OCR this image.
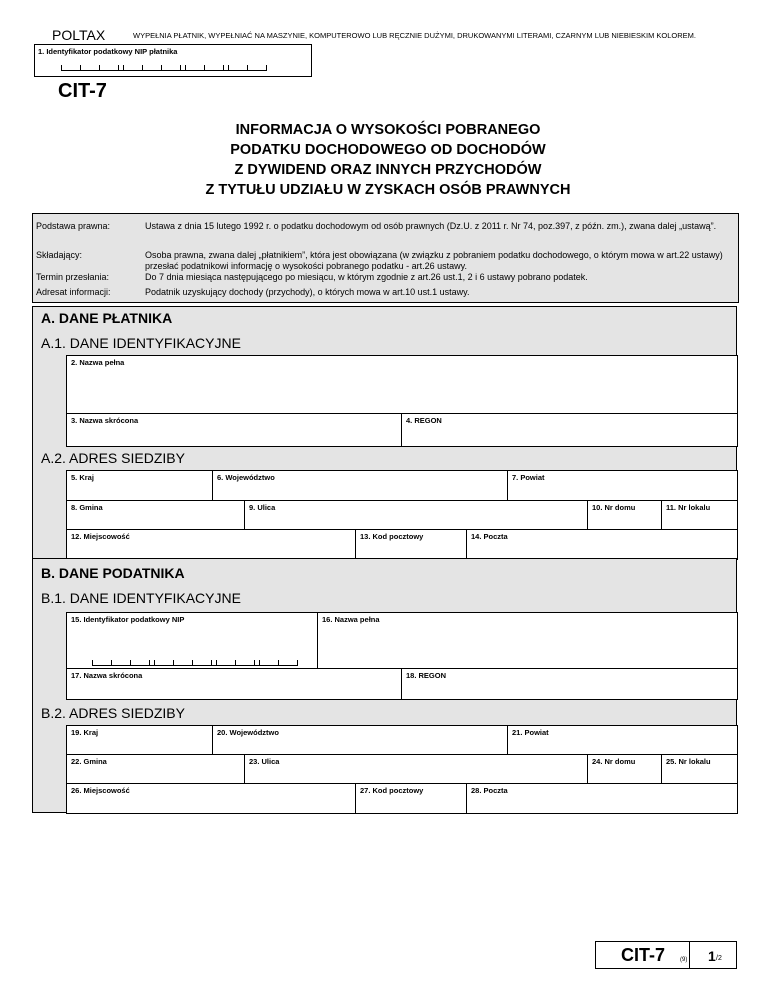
POLTAX	WYPEŁNIA PŁATNIK, WYPEŁNIAĆ NA MASZYNIE, KOMPUTEROWO LUB RĘCZNIE DUŻYMI, DRUKOWANYMI LITERAMI, CZARNYM LUB NIEBIESKIM KOLOREM.
1. Identyfikator podatkowy NIP płatnika
CIT-7
INFORMACJA O WYSOKOŚCI POBRANEGO
PODATKU DOCHODOWEGO OD DOCHODÓW
Z DYWIDEND ORAZ INNYCH PRZYCHODÓW
Z TYTUŁU UDZIAŁU W ZYSKACH OSÓB PRAWNYCH
Podstawa prawna:	Ustawa z dnia 15 lutego 1992 r. o podatku dochodowym od osób prawnych (Dz.U. z 2011 r. Nr 74, poz.397, z późn. zm.), zwana dalej „ustawą”.
Składający:	Osoba prawna, zwana dalej „płatnikiem”, która jest obowiązana (w związku z pobraniem podatku dochodowego, o którym mowa w art.22 ustawy) przesłać podatnikowi informację o wysokości pobranego podatku - art.26 ustawy.
Termin przesłania:	Do 7 dnia miesiąca następującego po miesiącu, w którym zgodnie z art.26 ust.1, 2 i 6 ustawy pobrano podatek.
Adresat informacji:	Podatnik uzyskujący dochody (przychody), o których mowa w art.10 ust.1 ustawy.
A. DANE PŁATNIKA
A.1. DANE IDENTYFIKACYJNE
2. Nazwa pełna
3. Nazwa skrócona	4. REGON
A.2. ADRES SIEDZIBY
5. Kraj	6. Województwo	7. Powiat
8. Gmina	9. Ulica	10. Nr domu	11. Nr lokalu
12. Miejscowość	13. Kod pocztowy	14. Poczta
B. DANE PODATNIKA
B.1. DANE IDENTYFIKACYJNE
15. Identyfikator podatkowy NIP	16. Nazwa pełna
17. Nazwa skrócona	18. REGON
B.2. ADRES SIEDZIBY
19. Kraj	20. Województwo	21. Powiat
22. Gmina	23. Ulica	24. Nr domu	25. Nr lokalu
26. Miejscowość	27. Kod pocztowy	28. Poczta
CIT-7 (9) 1 /2
